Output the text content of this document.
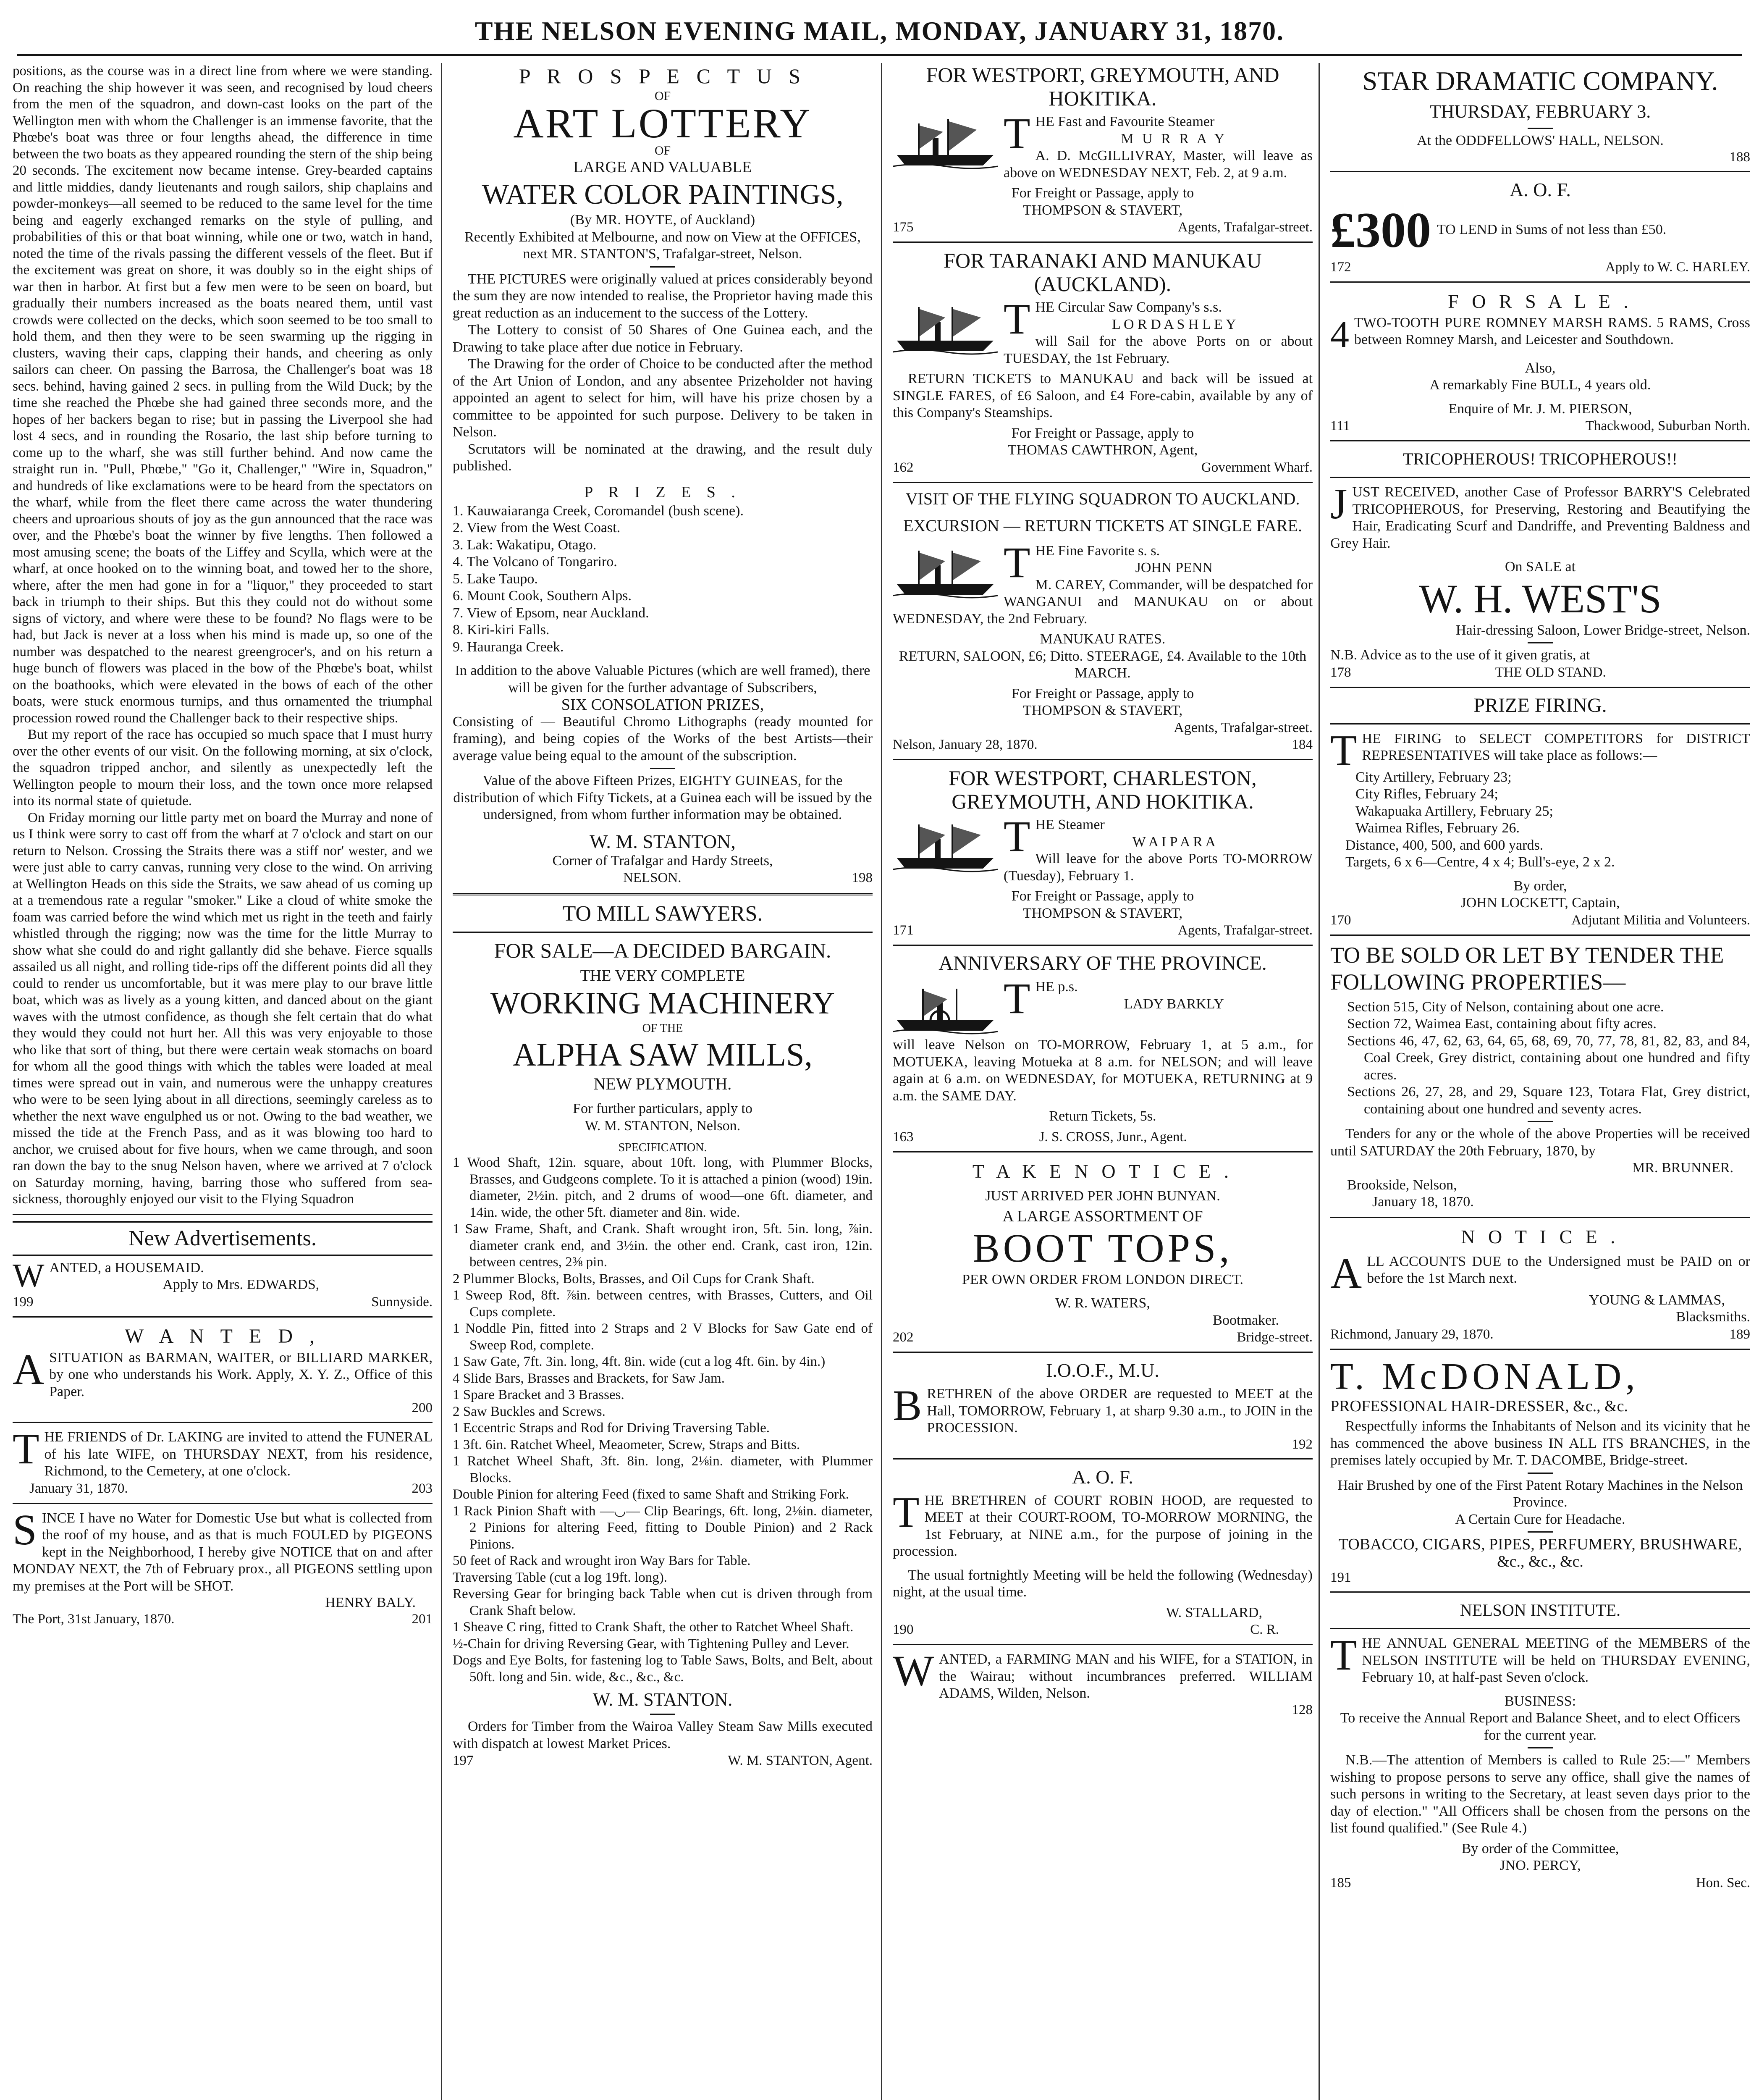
THE NELSON EVENING MAIL, MONDAY, JANUARY 31, 1870.

positions, as the course was in a direct line from where we were standing. On reaching the ship however it was seen, and recognised by loud cheers from the men of the squadron, and down-cast looks on the part of the Wellington men with whom the Challenger is an immense favorite, that the Phœbe's boat was three or four lengths ahead, the difference in time between the two boats as they appeared rounding the stern of the ship being 20 seconds. The excitement now became intense. Grey-bearded captains and little middies, dandy lieutenants and rough sailors, ship chaplains and powder-monkeys—all seemed to be reduced to the same level for the time being and eagerly exchanged remarks on the style of pulling, and probabilities of this or that boat winning, while one or two, watch in hand, noted the time of the rivals passing the different vessels of the fleet. But if the excitement was great on shore, it was doubly so in the eight ships of war then in harbor. At first but a few men were to be seen on board, but gradually their numbers increased as the boats neared them, until vast crowds were collected on the decks, which soon seemed to be too small to hold them, and then they were to be seen swarming up the rigging in clusters, waving their caps, clapping their hands, and cheering as only sailors can cheer. On passing the Barrosa, the Challenger's boat was 18 secs. behind, having gained 2 secs. in pulling from the Wild Duck; by the time she reached the Phœbe she had gained three seconds more, and the hopes of her backers began to rise; but in passing the Liverpool she had lost 4 secs, and in rounding the Rosario, the last ship before turning to come up to the wharf, she was still further behind. And now came the straight run in. "Pull, Phœbe," "Go it, Challenger," "Wire in, Squadron," and hundreds of like exclamations were to be heard from the spectators on the wharf, while from the fleet there came across the water thundering cheers and uproarious shouts of joy as the gun announced that the race was over, and the Phœbe's boat the winner by five lengths. Then followed a most amusing scene; the boats of the Liffey and Scylla, which were at the wharf, at once hooked on to the winning boat, and towed her to the shore, where, after the men had gone in for a "liquor," they proceeded to start back in triumph to their ships. But this they could not do without some signs of victory, and where were these to be found? No flags were to be had, but Jack is never at a loss when his mind is made up, so one of the number was despatched to the nearest greengrocer's, and on his return a huge bunch of flowers was placed in the bow of the Phœbe's boat, whilst on the boathooks, which were elevated in the bows of each of the other boats, were stuck enormous turnips, and thus ornamented the triumphal procession rowed round the Challenger back to their respective ships.

But my report of the race has occupied so much space that I must hurry over the other events of our visit. On the following morning, at six o'clock, the squadron tripped anchor, and silently as unexpectedly left the Wellington people to mourn their loss, and the town once more relapsed into its normal state of quietude.

On Friday morning our little party met on board the Murray and none of us I think were sorry to cast off from the wharf at 7 o'clock and start on our return to Nelson. Crossing the Straits there was a stiff nor' wester, and we were just able to carry canvas, running very close to the wind. On arriving at Wellington Heads on this side the Straits, we saw ahead of us coming up at a tremendous rate a regular "smoker." Like a cloud of white smoke the foam was carried before the wind which met us right in the teeth and fairly whistled through the rigging; now was the time for the little Murray to show what she could do and right gallantly did she behave. Fierce squalls assailed us all night, and rolling tide-rips off the different points did all they could to render us uncomfortable, but it was mere play to our brave little boat, which was as lively as a young kitten, and danced about on the giant waves with the utmost confidence, as though she felt certain that do what they would they could not hurt her. All this was very enjoyable to those who like that sort of thing, but there were certain weak stomachs on board for whom all the good things with which the tables were loaded at meal times were spread out in vain, and numerous were the unhappy creatures who were to be seen lying about in all directions, seemingly careless as to whether the next wave engulphed us or not. Owing to the bad weather, we missed the tide at the French Pass, and as it was blowing too hard to anchor, we cruised about for five hours, when we came through, and soon ran down the bay to the snug Nelson haven, where we arrived at 7 o'clock on Saturday morning, having, barring those who suffered from sea-sickness, thoroughly enjoyed our visit to the Flying Squadron

New Advertisements.
W ANTED, a HOUSEMAID.

Apply to Mrs. EDWARDS,

199	Sunnyside.
W A N T E D ,
A SITUATION as BARMAN, WAITER, or BILLIARD MARKER, by one who understands his Work. Apply, X. Y. Z., Office of this Paper.

200
T HE FRIENDS of Dr. LAKING are invited to attend the FUNERAL of his late WIFE, on THURSDAY NEXT, from his residence, Richmond, to the Cemetery, at one o'clock.

January 31, 1870.	203
S INCE I have no Water for Domestic Use but what is collected from the roof of my house, and as that is much FOULED by PIGEONS kept in the Neighborhood, I hereby give NOTICE that on and after MONDAY NEXT, the 7th of February prox., all PIGEONS settling upon my premises at the Port will be SHOT.

HENRY BALY.
The Port, 31st January, 1870.	201
P R O S P E C T U S
OF
ART LOTTERY
OF
LARGE AND VALUABLE
WATER COLOR PAINTINGS,

(By MR. HOYTE, of Auckland)

Recently Exhibited at Melbourne, and now on View at the OFFICES, next MR. STANTON'S, Trafalgar-street, Nelson.

THE PICTURES were originally valued at prices considerably beyond the sum they are now intended to realise, the Proprietor having made this great reduction as an inducement to the success of the Lottery.

The Lottery to consist of 50 Shares of One Guinea each, and the Drawing to take place after due notice in February.

The Drawing for the order of Choice to be conducted after the method of the Art Union of London, and any absentee Prizeholder not having appointed an agent to select for him, will have his prize chosen by a committee to be appointed for such purpose. Delivery to be taken in Nelson.

Scrutators will be nominated at the drawing, and the result duly published.

P R I Z E S .

1. Kauwaiaranga Creek, Coromandel (bush scene).

2. View from the West Coast.

3. Lak: Wakatipu, Otago.

4. The Volcano of Tongariro.

5. Lake Taupo.

6. Mount Cook, Southern Alps.

7. View of Epsom, near Auckland.

8. Kiri-kiri Falls.

9. Hauranga Creek.

In addition to the above Valuable Pictures (which are well framed), there will be given for the further advantage of Subscribers,

SIX CONSOLATION PRIZES,

Consisting of — Beautiful Chromo Lithographs (ready mounted for framing), and being copies of the Works of the best Artists—their average value being equal to the amount of the subscription.

Value of the above Fifteen Prizes, EIGHTY GUINEAS, for the distribution of which Fifty Tickets, at a Guinea each will be issued by the undersigned, from whom further information may be obtained.

W. M. STANTON,

Corner of Trafalgar and Hardy Streets,

NELSON.	198
TO MILL SAWYERS.
FOR SALE—A DECIDED BARGAIN.
THE VERY COMPLETE
WORKING MACHINERY
OF THE
ALPHA SAW MILLS,
NEW PLYMOUTH.

For further particulars, apply to

W. M. STANTON, Nelson.

SPECIFICATION.

1 Wood Shaft, 12in. square, about 10ft. long, with Plummer Blocks, Brasses, and Gudgeons complete. To it is attached a pinion (wood) 19in. diameter, 2½in. pitch, and 2 drums of wood—one 6ft. diameter, and 14in. wide, the other 5ft. diameter and 8in. wide.

1 Saw Frame, Shaft, and Crank. Shaft wrought iron, 5ft. 5in. long, ⅞in. diameter crank end, and 3½in. the other end. Crank, cast iron, 12in. between centres, 2⅜ pin.

2 Plummer Blocks, Bolts, Brasses, and Oil Cups for Crank Shaft.

1 Sweep Rod, 8ft. ⅞in. between centres, with Brasses, Cutters, and Oil Cups complete.

1 Noddle Pin, fitted into 2 Straps and 2 V Blocks for Saw Gate end of Sweep Rod, complete.

1 Saw Gate, 7ft. 3in. long, 4ft. 8in. wide (cut a log 4ft. 6in. by 4in.)

4 Slide Bars, Brasses and Brackets, for Saw Jam.

1 Spare Bracket and 3 Brasses.

2 Saw Buckles and Screws.

1 Eccentric Straps and Rod for Driving Traversing Table.

1 3ft. 6in. Ratchet Wheel, Meaometer, Screw, Straps and Bitts.

1 Ratchet Wheel Shaft, 3ft. 8in. long, 2⅛in. diameter, with Plummer Blocks.

Double Pinion for altering Feed (fixed to same Shaft and Striking Fork.

1 Rack Pinion Shaft with —◡— Clip Bearings, 6ft. long, 2⅛in. diameter, 2 Pinions for altering Feed, fitting to Double Pinion) and 2 Rack Pinions.

50 feet of Rack and wrought iron Way Bars for Table.

Traversing Table (cut a log 19ft. long).

Reversing Gear for bringing back Table when cut is driven through from Crank Shaft below.

1 Sheave C ring, fitted to Crank Shaft, the other to Ratchet Wheel Shaft.

½-Chain for driving Reversing Gear, with Tightening Pulley and Lever.

Dogs and Eye Bolts, for fastening log to Table Saws, Bolts, and Belt, about 50ft. long and 5in. wide, &c., &c., &c.

W. M. STANTON.

Orders for Timber from the Wairoa Valley Steam Saw Mills executed with dispatch at lowest Market Prices.

197	W. M. STANTON, Agent.
FOR WESTPORT, GREYMOUTH, AND HOKITIKA.
T HE Fast and Favourite Steamer

M U R R A Y

A. D. McGILLIVRAY, Master, will leave as above on WEDNESDAY NEXT, Feb. 2, at 9 a.m.

For Freight or Passage, apply to

THOMPSON & STAVERT,

175	Agents, Trafalgar-street.
FOR TARANAKI AND MANUKAU (AUCKLAND).
T HE Circular Saw Company's s.s.

L O R D A S H L E Y

will Sail for the above Ports on or about TUESDAY, the 1st February.

RETURN TICKETS to MANUKAU and back will be issued at SINGLE FARES, of £6 Saloon, and £4 Fore-cabin, available by any of this Company's Steamships.

For Freight or Passage, apply to

THOMAS CAWTHRON, Agent,

162	Government Wharf.
VISIT OF THE FLYING SQUADRON TO AUCKLAND.
EXCURSION — RETURN TICKETS AT SINGLE FARE.
T HE Fine Favorite s. s.

JOHN PENN

M. CAREY, Commander, will be despatched for WANGANUI and MANUKAU on or about WEDNESDAY, the 2nd February.

MANUKAU RATES.

RETURN, SALOON, £6; Ditto. STEERAGE, £4. Available to the 10th MARCH.

For Freight or Passage, apply to

THOMPSON & STAVERT,

Agents, Trafalgar-street.

Nelson, January 28, 1870.	184
FOR WESTPORT, CHARLESTON, GREYMOUTH, AND HOKITIKA.
T HE Steamer

W A I P A R A

Will leave for the above Ports TO-MORROW (Tuesday), February 1.

For Freight or Passage, apply to

THOMPSON & STAVERT,

171	Agents, Trafalgar-street.
ANNIVERSARY OF THE PROVINCE.
T HE p.s.

LADY BARKLY

will leave Nelson on TO-MORROW, February 1, at 5 a.m., for MOTUEKA, leaving Motueka at 8 a.m. for NELSON; and will leave again at 6 a.m. on WEDNESDAY, for MOTUEKA, RETURNING at 9 a.m. the SAME DAY.

Return Tickets, 5s.

163	J. S. CROSS, Junr., Agent.
T A K E N O T I C E .

JUST ARRIVED PER JOHN BUNYAN.

A LARGE ASSORTMENT OF

BOOT TOPS,

PER OWN ORDER FROM LONDON DIRECT.

W. R. WATERS,

Bootmaker.

202	Bridge-street.
I.O.O.F., M.U.
B RETHREN of the above ORDER are requested to MEET at the Hall, TOMORROW, February 1, at sharp 9.30 a.m., to JOIN in the PROCESSION.

192
A. O. F.
T HE BRETHREN of COURT ROBIN HOOD, are requested to MEET at their COURT-ROOM, TO-MORROW MORNING, the 1st February, at NINE a.m., for the purpose of joining in the procession.

The usual fortnightly Meeting will be held the following (Wednesday) night, at the usual time.

W. STALLARD,

190	C. R.
W ANTED, a FARMING MAN and his WIFE, for a STATION, in the Wairau; without incumbrances preferred. WILLIAM ADAMS, Wilden, Nelson.

128
STAR DRAMATIC COMPANY.
THURSDAY, FEBRUARY 3.

At the ODDFELLOWS' HALL, NELSON.

188
A. O. F.
£300 TO LEND in Sums of not less than £50.

172	Apply to W. C. HARLEY.
F O R S A L E .
4 TWO-TOOTH PURE ROMNEY MARSH RAMS. 5 RAMS, Cross between Romney Marsh, and Leicester and Southdown.

Also,

A remarkably Fine BULL, 4 years old.

Enquire of Mr. J. M. PIERSON,

111	Thackwood, Suburban North.
TRICOPHEROUS! TRICOPHEROUS!!
J UST RECEIVED, another Case of Professor BARRY'S Celebrated TRICOPHEROUS, for Preserving, Restoring and Beautifying the Hair, Eradicating Scurf and Dandriffe, and Preventing Baldness and Grey Hair.

On SALE at

W. H. WEST'S

Hair-dressing Saloon, Lower Bridge-street, Nelson.

N.B. Advice as to the use of it given gratis, at

178	THE OLD STAND.
PRIZE FIRING.
T HE FIRING to SELECT COMPETITORS for DISTRICT REPRESENTATIVES will take place as follows:—

City Artillery, February 23;

City Rifles, February 24;

Wakapuaka Artillery, February 25;

Waimea Rifles, February 26.

Distance, 400, 500, and 600 yards.

Targets, 6 x 6—Centre, 4 x 4; Bull's-eye, 2 x 2.

By order,

JOHN LOCKETT, Captain,

170	Adjutant Militia and Volunteers.
TO BE SOLD OR LET BY TENDER THE FOLLOWING PROPERTIES—

Section 515, City of Nelson, containing about one acre.

Section 72, Waimea East, containing about fifty acres.

Sections 46, 47, 62, 63, 64, 65, 68, 69, 70, 77, 78, 81, 82, 83, and 84, Coal Creek, Grey district, containing about one hundred and fifty acres.

Sections 26, 27, 28, and 29, Square 123, Totara Flat, Grey district, containing about one hundred and seventy acres.

Tenders for any or the whole of the above Properties will be received until SATURDAY the 20th February, 1870, by

MR. BRUNNER.

Brookside, Nelson,

January 18, 1870.

N O T I C E .
A LL ACCOUNTS DUE to the Undersigned must be PAID on or before the 1st March next.

YOUNG & LAMMAS,

Blacksmiths.

Richmond, January 29, 1870.	189
T. McDONALD,

PROFESSIONAL HAIR-DRESSER, &c., &c.

Respectfully informs the Inhabitants of Nelson and its vicinity that he has commenced the above business IN ALL ITS BRANCHES, in the premises lately occupied by Mr. T. DACOMBE, Bridge-street.

Hair Brushed by one of the First Patent Rotary Machines in the Nelson Province.

A Certain Cure for Headache.

TOBACCO, CIGARS, PIPES, PERFUMERY, BRUSHWARE, &c., &c., &c.

191
NELSON INSTITUTE.
T HE ANNUAL GENERAL MEETING of the MEMBERS of the NELSON INSTITUTE will be held on THURSDAY EVENING, February 10, at half-past Seven o'clock.

BUSINESS:

To receive the Annual Report and Balance Sheet, and to elect Officers for the current year.

N.B.—The attention of Members is called to Rule 25:—" Members wishing to propose persons to serve any office, shall give the names of such persons in writing to the Secretary, at least seven days prior to the day of election." "All Officers shall be chosen from the persons on the list found qualified." (See Rule 4.)

By order of the Committee,

JNO. PERCY,

185	Hon. Sec.
